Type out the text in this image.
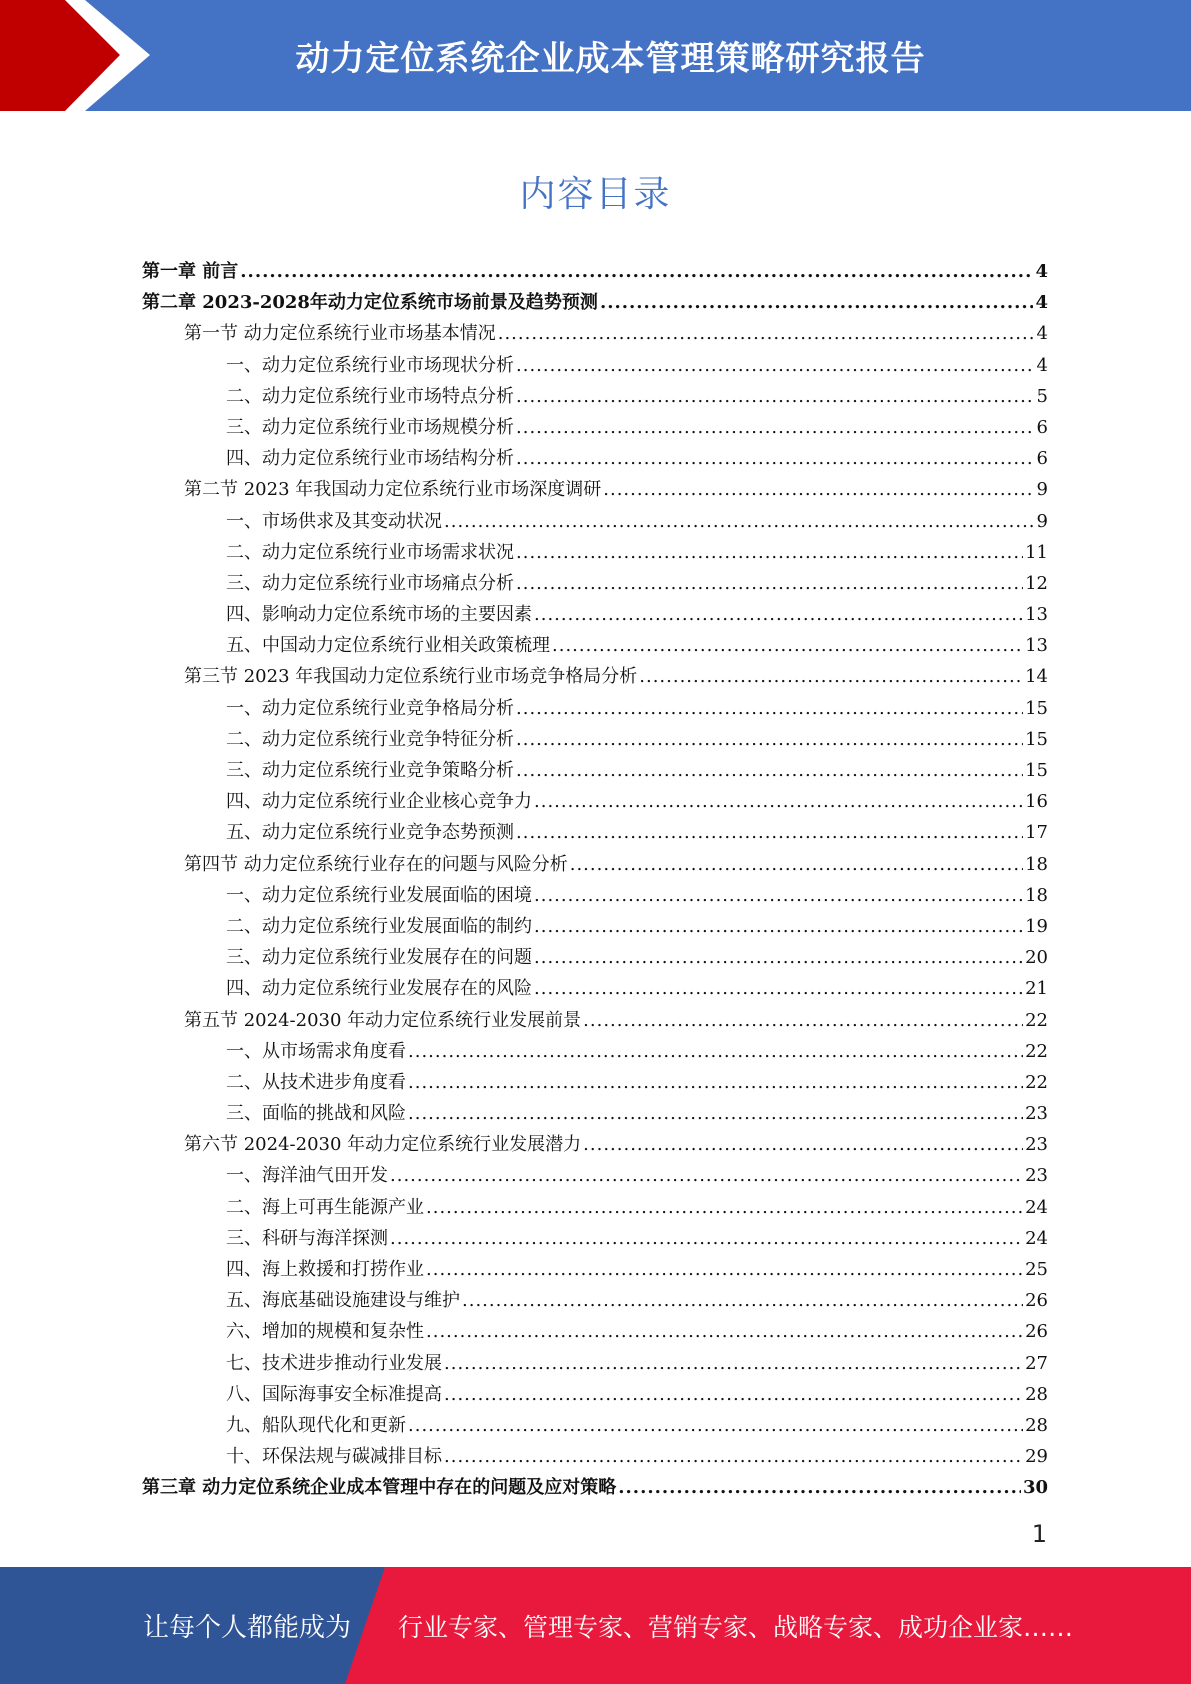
动力定位系统企业成本管理策略研究报告
内容目录
第一章 前言 .....	4
第二章 2023-2028年动力定位系统市场前景及趋势预测 .....	4
第一节 动力定位系统行业市场基本情况 .....	4
一、动力定位系统行业市场现状分析 .....	4
二、动力定位系统行业市场特点分析 .....	5
三、动力定位系统行业市场规模分析 .....	6
四、动力定位系统行业市场结构分析 .....	6
第二节 2023 年我国动力定位系统行业市场深度调研 .....	9
一、市场供求及其变动状况 .....	9
二、动力定位系统行业市场需求状况 .....	11
三、动力定位系统行业市场痛点分析 .....	12
四、影响动力定位系统市场的主要因素 .....	13
五、中国动力定位系统行业相关政策梳理 .....	13
第三节 2023 年我国动力定位系统行业市场竞争格局分析 .....	14
一、动力定位系统行业竞争格局分析 .....	15
二、动力定位系统行业竞争特征分析 .....	15
三、动力定位系统行业竞争策略分析 .....	15
四、动力定位系统行业企业核心竞争力 .....	16
五、动力定位系统行业竞争态势预测 .....	17
第四节 动力定位系统行业存在的问题与风险分析 .....	18
一、动力定位系统行业发展面临的困境 .....	18
二、动力定位系统行业发展面临的制约 .....	19
三、动力定位系统行业发展存在的问题 .....	20
四、动力定位系统行业发展存在的风险 .....	21
第五节 2024-2030 年动力定位系统行业发展前景 .....	22
一、从市场需求角度看 .....	22
二、从技术进步角度看 .....	22
三、面临的挑战和风险 .....	23
第六节 2024-2030 年动力定位系统行业发展潜力 .....	23
一、海洋油气田开发 .....	23
二、海上可再生能源产业 .....	24
三、科研与海洋探测 .....	24
四、海上救援和打捞作业 .....	25
五、海底基础设施建设与维护 .....	26
六、增加的规模和复杂性 .....	26
七、技术进步推动行业发展 .....	27
八、国际海事安全标准提高 .....	28
九、船队现代化和更新 .....	28
十、环保法规与碳减排目标 .....	29
第三章 动力定位系统企业成本管理中存在的问题及应对策略 .....	30
1
让每个人都能成为 行业专家、管理专家、营销专家、战略专家、成功企业家……
